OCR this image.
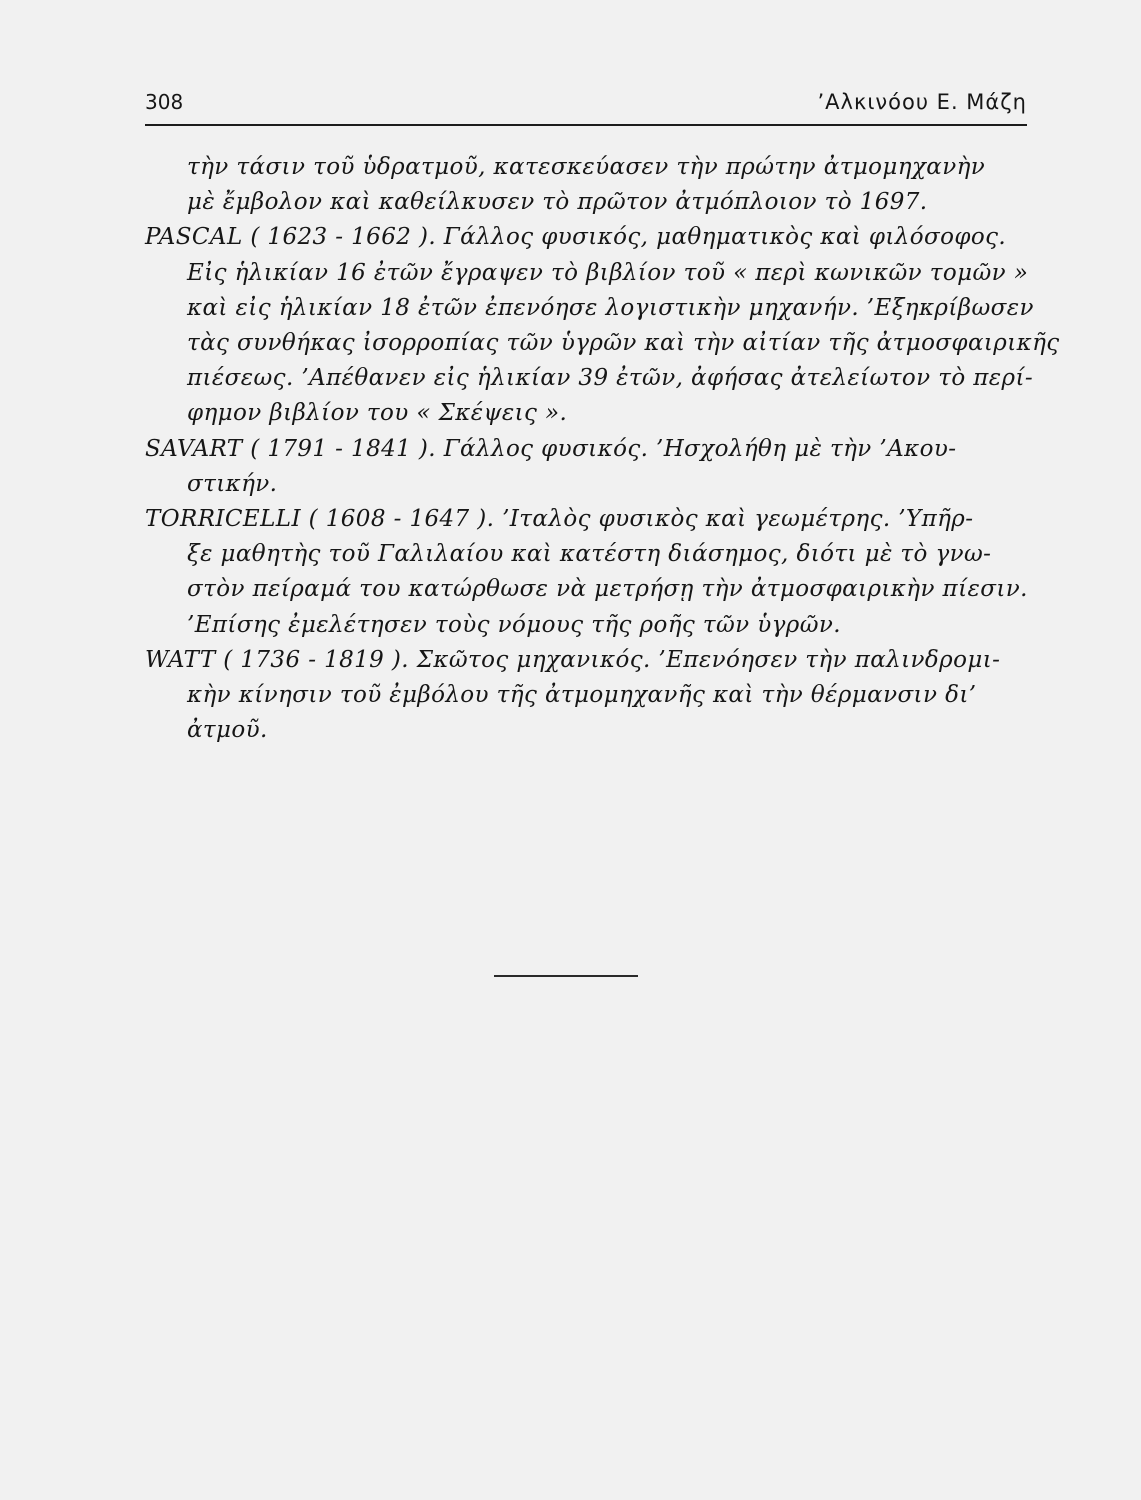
308	’Αλκινόου Ε. Μάζη
τὴν τάσιν τοῦ ὑδρατμοῦ, κατεσκεύασεν τὴν πρώτην ἀτμομηχανὴν
μὲ ἔμβολον καὶ καθείλκυσεν τὸ πρῶτον ἀτμόπλοιον τὸ 1697.
PASCAL ( 1623 - 1662 ). Γάλλος φυσικός, μαθηματικὸς καὶ φιλόσοφος.
Εἰς ἡλικίαν 16 ἐτῶν ἔγραψεν τὸ βιβλίον τοῦ « περὶ κωνικῶν τομῶν »
καὶ εἰς ἡλικίαν 18 ἐτῶν ἐπενόησε λογιστικὴν μηχανήν. ’Εξηκρίβωσεν
τὰς συνθήκας ἰσορροπίας τῶν ὑγρῶν καὶ τὴν αἰτίαν τῆς ἀτμοσφαιρικῆς
πιέσεως. ’Απέθανεν εἰς ἡλικίαν 39 ἐτῶν, ἀφήσας ἀτελείωτον τὸ περί-
φημον βιβλίον του « Σκέψεις ».
SAVART ( 1791 - 1841 ). Γάλλος φυσικός. ’Ησχολήθη μὲ τὴν ’Ακου-
στικήν.
TORRICELLI ( 1608 - 1647 ). ’Ιταλὸς φυσικὸς καὶ γεωμέτρης. ’Υπῆρ-
ξε μαθητὴς τοῦ Γαλιλαίου καὶ κατέστη διάσημος, διότι μὲ τὸ γνω-
στὸν πείραμά του κατώρθωσε νὰ μετρήσῃ τὴν ἀτμοσφαιρικὴν πίεσιν.
’Επίσης ἐμελέτησεν τοὺς νόμους τῆς ροῆς τῶν ὑγρῶν.
WATT ( 1736 - 1819 ). Σκῶτος μηχανικός. ’Επενόησεν τὴν παλινδρομι-
κὴν κίνησιν τοῦ ἐμβόλου τῆς ἀτμομηχανῆς καὶ τὴν θέρμανσιν δι’
ἀτμοῦ.
